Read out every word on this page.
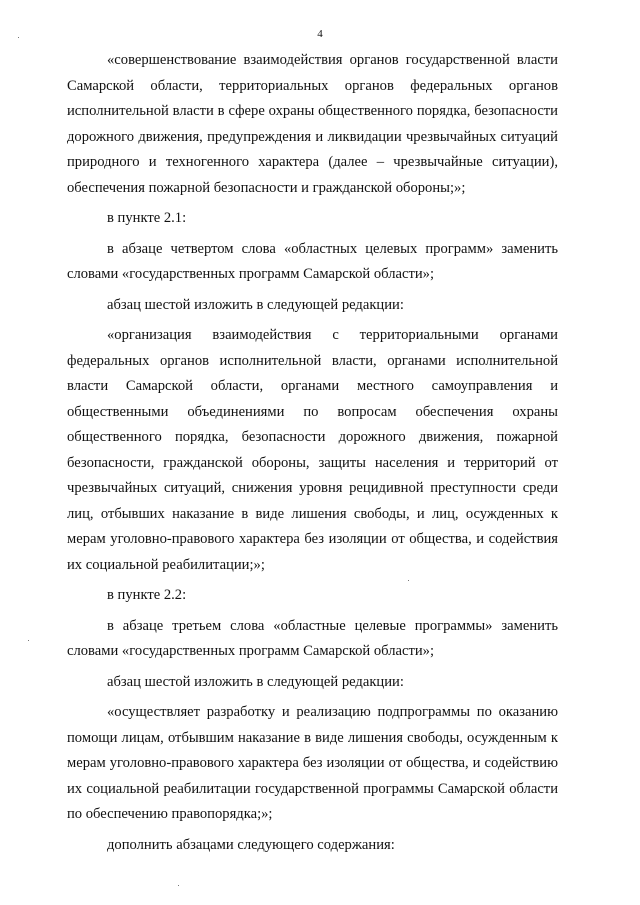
4

«совершенствование взаимодействия органов государственной власти Самарской области, территориальных органов федеральных органов исполнительной власти в сфере охраны общественного порядка, безопасности дорожного движения, предупреждения и ликвидации чрезвычайных ситуаций природного и техногенного характера (далее – чрезвычайные ситуации), обеспечения пожарной безопасности и гражданской обороны;»;

в пункте 2.1:

в абзаце четвертом слова «областных целевых программ» заменить словами «государственных программ Самарской области»;

абзац шестой изложить в следующей редакции:

«организация взаимодействия с территориальными органами федеральных органов исполнительной власти, органами исполнительной власти Самарской области, органами местного самоуправления и общественными объединениями по вопросам обеспечения охраны общественного порядка, безопасности дорожного движения, пожарной безопасности, гражданской обороны, защиты населения и территорий от чрезвычайных ситуаций, снижения уровня рецидивной преступности среди лиц, отбывших наказание в виде лишения свободы, и лиц, осужденных к мерам уголовно-правового характера без изоляции от общества, и содействия их социальной реабилитации;»;

в пункте 2.2:

в абзаце третьем слова «областные целевые программы» заменить словами «государственных программ Самарской области»;

абзац шестой изложить в следующей редакции:

«осуществляет разработку и реализацию подпрограммы по оказанию помощи лицам, отбывшим наказание в виде лишения свободы, осужденным к мерам уголовно-правового характера без изоляции от общества, и содействию их социальной реабилитации государственной программы Самарской области по обеспечению правопорядка;»;

дополнить абзацами следующего содержания:
